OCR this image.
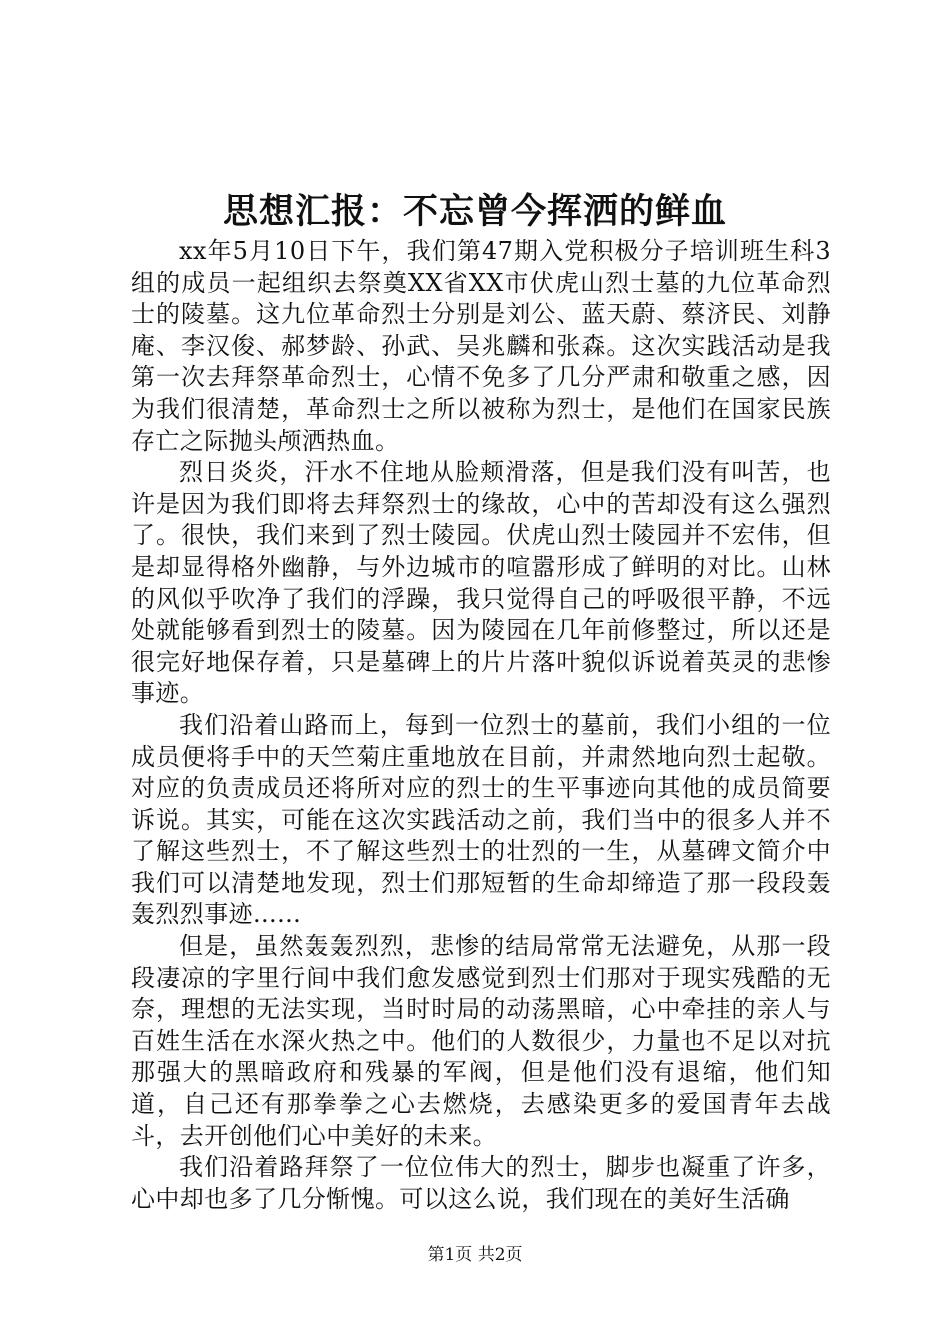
思想汇报：不忘曾今挥洒的鲜血

xx年5月10日下午，我们第47期入党积极分子培训班生科3组的成员一起组织去祭奠XX省XX市伏虎山烈士墓的九位革命烈士的陵墓。这九位革命烈士分别是刘公、蓝天蔚、蔡济民、刘静庵、李汉俊、郝梦龄、孙武、吴兆麟和张森。这次实践活动是我第一次去拜祭革命烈士，心情不免多了几分严肃和敬重之感，因为我们很清楚，革命烈士之所以被称为烈士，是他们在国家民族存亡之际抛头颅洒热血。

烈日炎炎，汗水不住地从脸颊滑落，但是我们没有叫苦，也许是因为我们即将去拜祭烈士的缘故，心中的苦却没有这么强烈了。很快，我们来到了烈士陵园。伏虎山烈士陵园并不宏伟，但是却显得格外幽静，与外边城市的喧嚣形成了鲜明的对比。山林的风似乎吹净了我们的浮躁，我只觉得自己的呼吸很平静，不远处就能够看到烈士的陵墓。因为陵园在几年前修整过，所以还是很完好地保存着，只是墓碑上的片片落叶貌似诉说着英灵的悲惨事迹。

我们沿着山路而上，每到一位烈士的墓前，我们小组的一位成员便将手中的天竺菊庄重地放在目前，并肃然地向烈士起敬。对应的负责成员还将所对应的烈士的生平事迹向其他的成员简要诉说。其实，可能在这次实践活动之前，我们当中的很多人并不了解这些烈士，不了解这些烈士的壮烈的一生，从墓碑文简介中我们可以清楚地发现，烈士们那短暂的生命却缔造了那一段段轰轰烈烈事迹......

但是，虽然轰轰烈烈，悲惨的结局常常无法避免，从那一段段凄凉的字里行间中我们愈发感觉到烈士们那对于现实残酷的无奈，理想的无法实现，当时时局的动荡黑暗，心中牵挂的亲人与百姓生活在水深火热之中。他们的人数很少，力量也不足以对抗那强大的黑暗政府和残暴的军阀，但是他们没有退缩，他们知道，自己还有那拳拳之心去燃烧，去感染更多的爱国青年去战斗，去开创他们心中美好的未来。

我们沿着路拜祭了一位位伟大的烈士，脚步也凝重了许多，心中却也多了几分惭愧。可以这么说，我们现在的美好生活确

第1页 共2页
